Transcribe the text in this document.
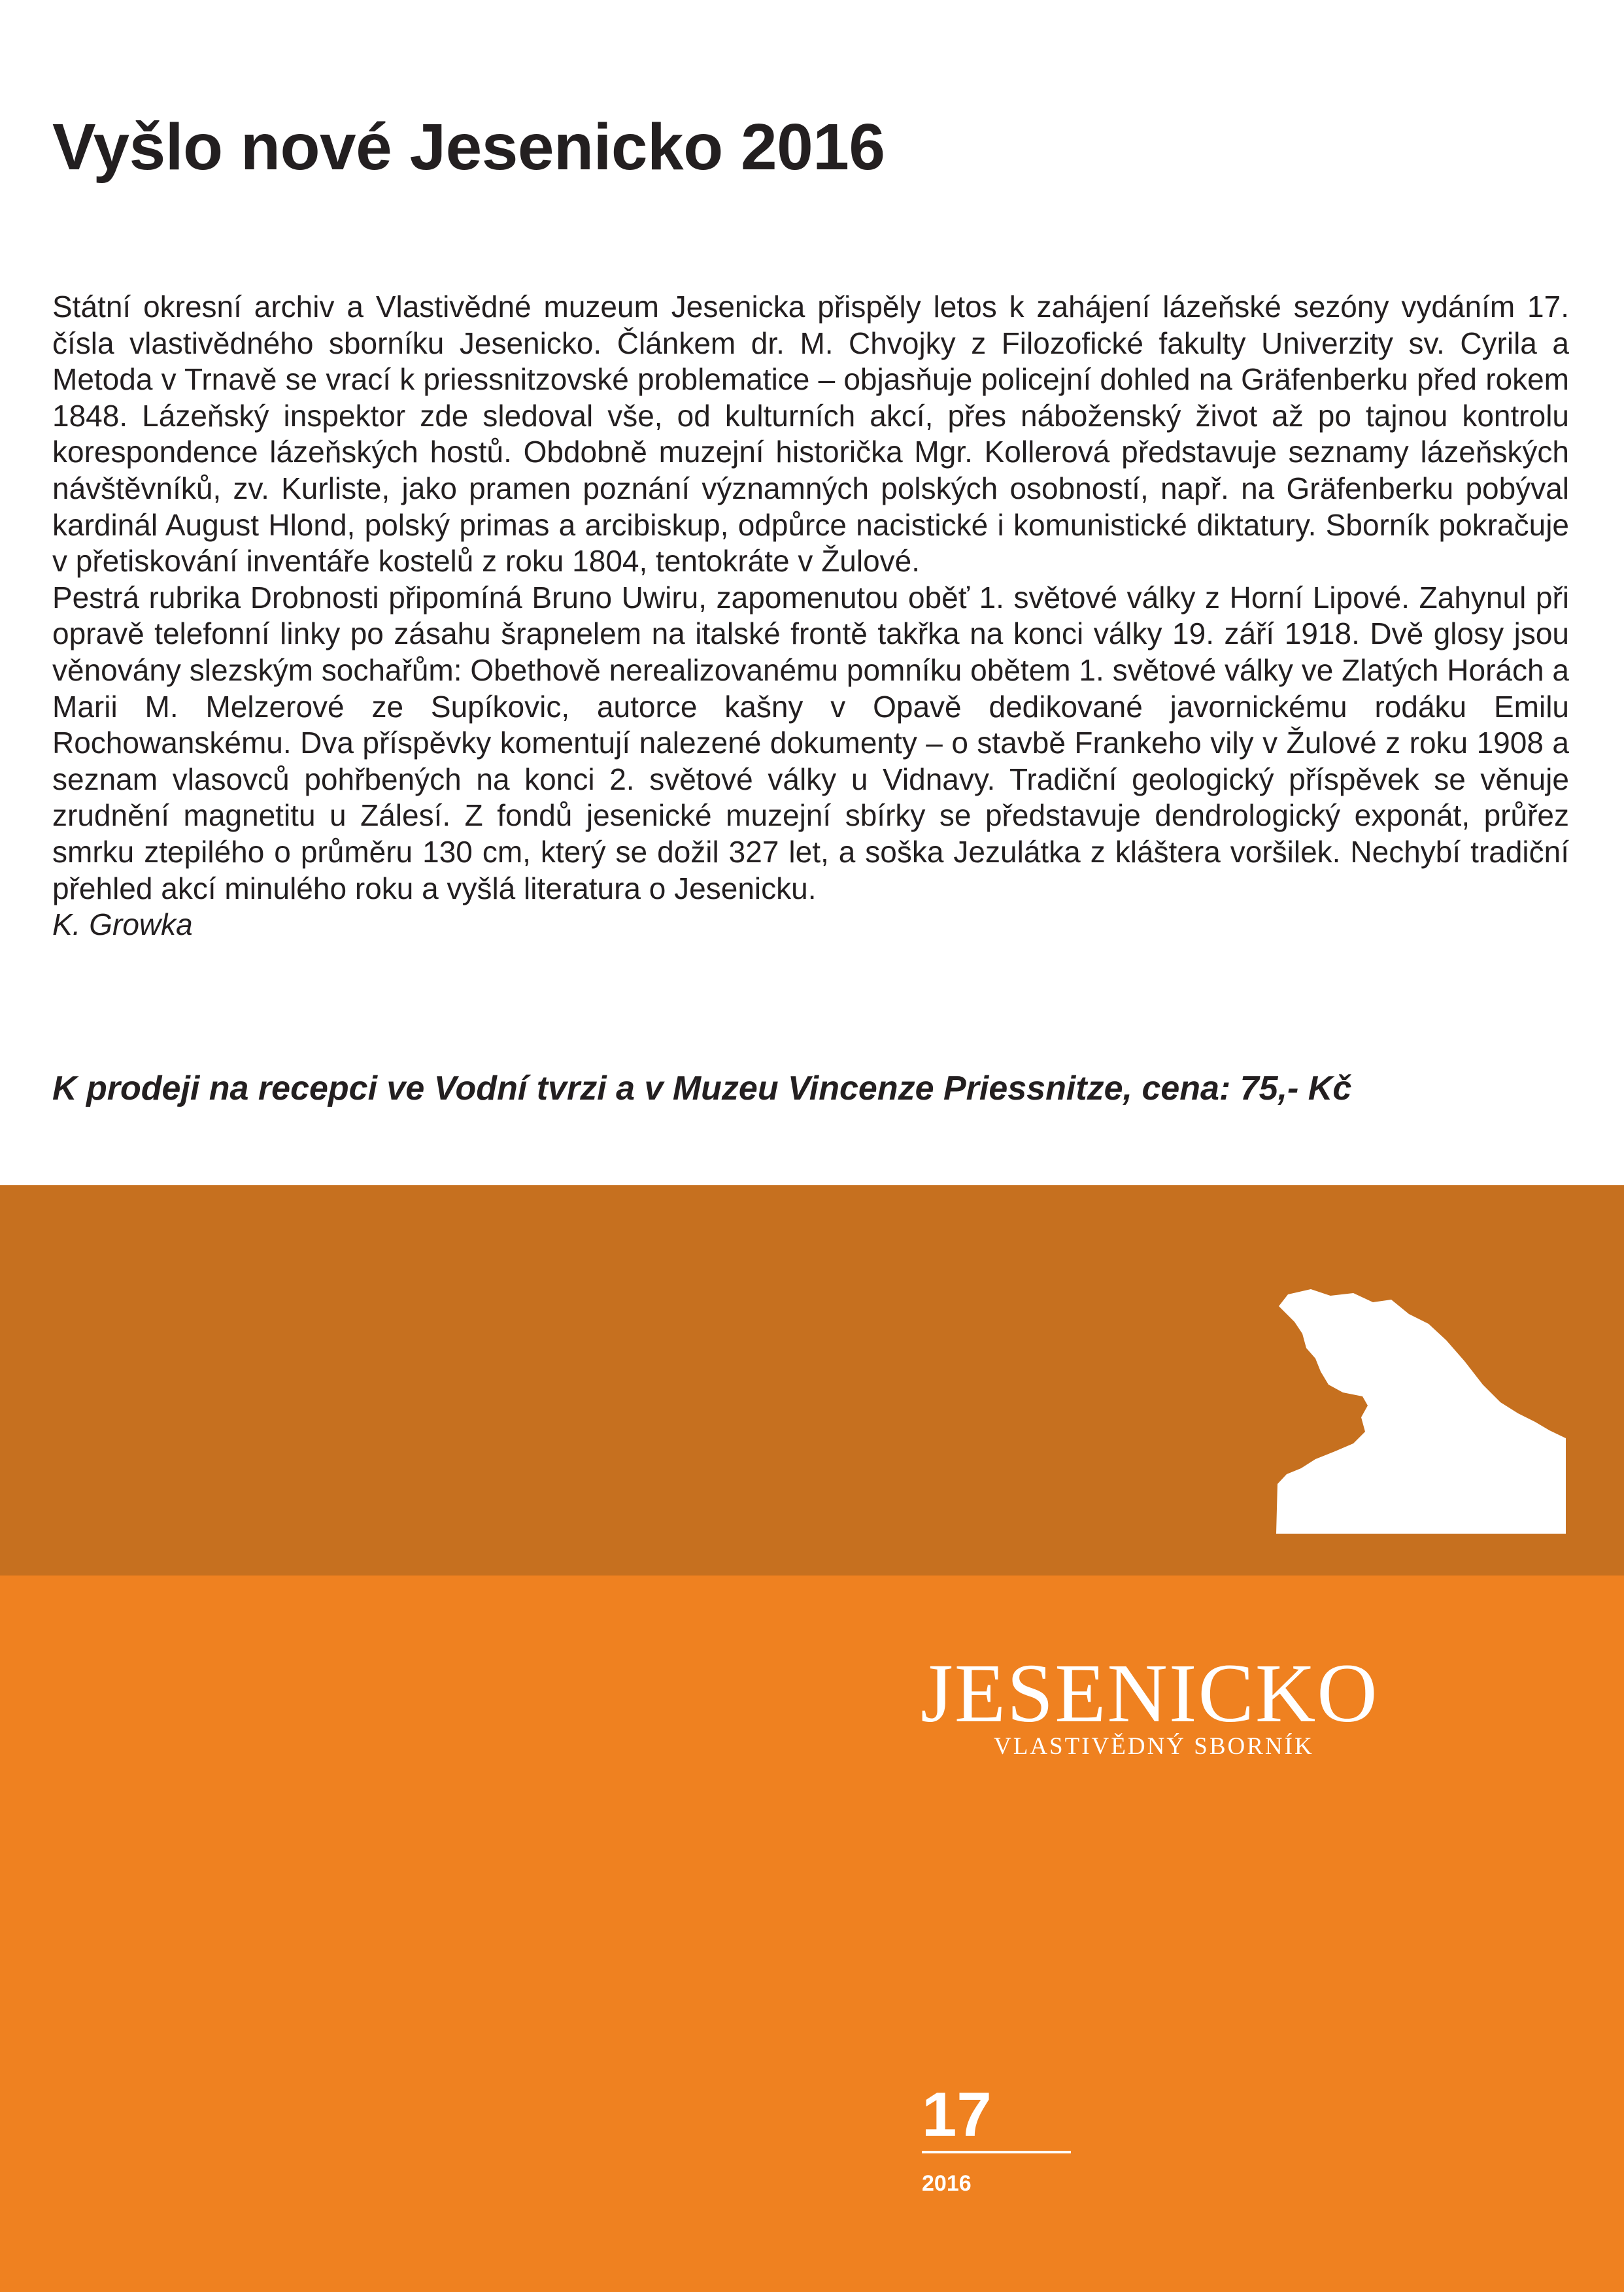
Vyšlo nové Jesenicko 2016

Státní okresní archiv a Vlastivědné muzeum Jesenicka přispěly letos k zahájení lázeňské sezóny vydáním 17. čísla vlastivědného sborníku Jesenicko. Článkem dr. M. Chvojky z Filozofické fakulty Univerzity sv. Cyrila a Metoda v Trnavě se vrací k priessnitzovské problematice – objasňuje policejní dohled na Gräfenberku před rokem 1848. Lázeňský inspektor zde sledoval vše, od kulturních akcí, přes náboženský život až po tajnou kontrolu korespondence lázeňských hostů. Obdobně muzejní historička Mgr. Kollerová představuje seznamy lázeňských návštěvníků, zv. Kurliste, jako pramen poznání významných polských osobností, např. na Gräfenberku pobýval kardinál August Hlond, polský primas a arcibiskup, odpůrce nacistické i komunistické diktatury. Sborník pokračuje v přetiskování inventáře kostelů z roku 1804, tentokráte v Žulové.

Pestrá rubrika Drobnosti připomíná Bruno Uwiru, zapomenutou oběť 1. světové války z Horní Lipové. Zahynul při opravě telefonní linky po zásahu šrapnelem na italské frontě takřka na konci války 19. září 1918. Dvě glosy jsou věnovány slezským sochařům: Obethově nerealizovanému pomníku obětem 1. světové války ve Zlatých Horách a Marii M. Melzerové ze Supíkovic, autorce kašny v Opavě dedikované javornickému rodáku Emilu Rochowanskému. Dva příspěvky komentují nalezené dokumenty – o stavbě Frankeho vily v Žulové z roku 1908 a seznam vlasovců pohřbených na konci 2. světové války u Vidnavy. Tradiční geologický příspěvek se věnuje zrudnění magnetitu u Zálesí. Z fondů jesenické muzejní sbírky se představuje dendrologický exponát, průřez smrku ztepilého o průměru 130 cm, který se dožil 327 let, a soška Jezulátka z kláštera voršilek. Nechybí tradiční přehled akcí minulého roku a vyšlá literatura o Jesenicku.

K. Growka

K prodeji na recepci ve Vodní tvrzi a v Muzeu Vincenze Priessnitze, cena: 75,- Kč

JESENICKO
VLASTIVĚDNÝ SBORNÍK
17
2016
